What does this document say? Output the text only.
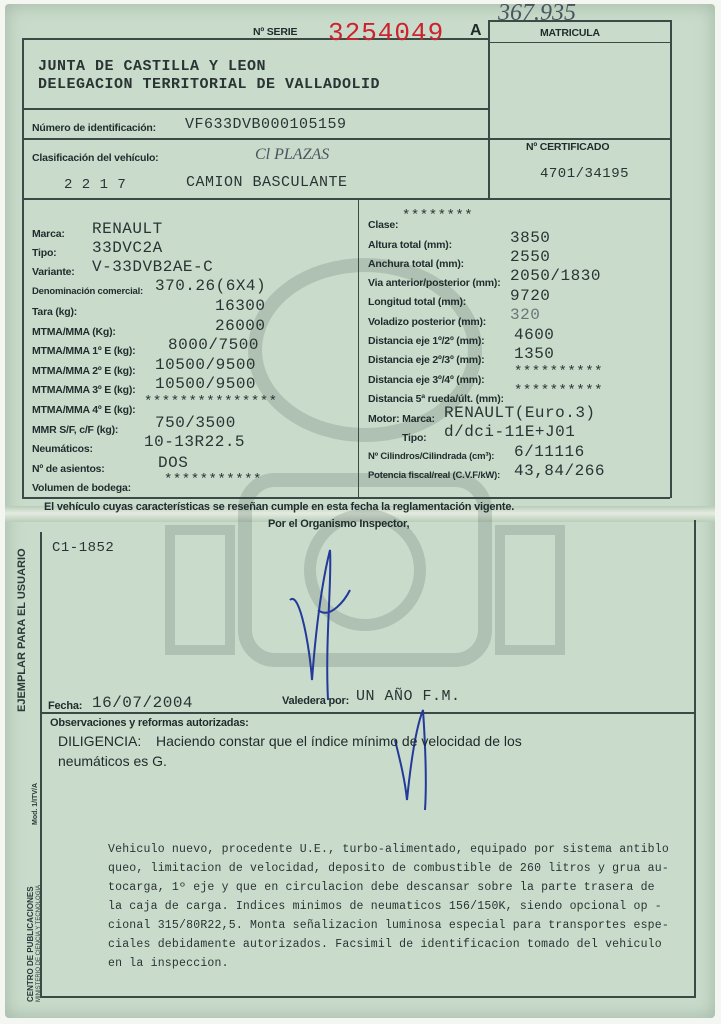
Nº SERIE 3254049 A
367.935
MATRICULA
JUNTA DE CASTILLA Y LEON
DELEGACION TERRITORIAL DE VALLADOLID
Número de identificación: VF633DVB000105159
Nº CERTIFICADO
4701/34195
Clasificación del vehículo:	Cl PLAZAS
2 2 1 7	CAMION BASCULANTE
Marca: RENAULT
Tipo: 33DVC2A
Variante: V-33DVB2AE-C
Denominación comercial: 370.26(6X4)
Tara (kg):	16300
MTMA/MMA (Kg):	26000
MTMA/MMA 1º E (kg): 8000/7500
MTMA/MMA 2º E (kg): 10500/9500
MTMA/MMA 3º E (kg): 10500/9500
MTMA/MMA 4º E (kg): ***************
MMR S/F, c/F (kg): 750/3500
Neumáticos:	10-13R22.5
Nº de asientos:	DOS
Volumen de bodega: ***********
Clase:
********
Altura total (mm):	3850
Anchura total (mm):	2550
Via anterior/posterior (mm): 2050/1830
Longitud total (mm):	9720
Voladizo posterior (mm): 320
Distancia eje 1º/2º (mm): 4600
Distancia eje 2º/3º (mm): 1350
Distancia eje 3º/4º (mm): **********
Distancia 5ª rueda/últ. (mm): **********
Motor: Marca: RENAULT(Euro.3)
Tipo: d/dci-11E+J01
Nº Cilindros/Cilindrada (cm³): 6/11116
Potencia fiscal/real (C.V.F/kW): 43,84/266
El vehículo cuyas características se reseñan cumple en esta fecha la reglamentación vigente.
Por el Organismo Inspector,
C1-1852
Fecha: 16/07/2004	Valedera por: UN AÑO F.M.
EJEMPLAR PARA EL USUARIO
Mod. 1/ITV/A
CENTRO DE PUBLICACIONES MINISTERIO DE CIENCIA Y TECNOLOGIA
Observaciones y reformas autorizadas:
DILIGENCIA: Haciendo constar que el índice mínimo de velocidad de los
neumáticos es G.
Vehiculo nuevo, procedente U.E., turbo-alimentado, equipado por sistema antiblo
queo, limitacion de velocidad, deposito de combustible de 260 litros y grua au-
tocarga, 1º eje y que en circulacion debe descansar sobre la parte trasera de
la caja de carga. Indices minimos de neumaticos 156/150K, siendo opcional op -
cional 315/80R22,5. Monta señalizacion luminosa especial para transportes espe-
ciales debidamente autorizados. Facsimil de identificacion tomado del vehiculo
en la inspeccion.
